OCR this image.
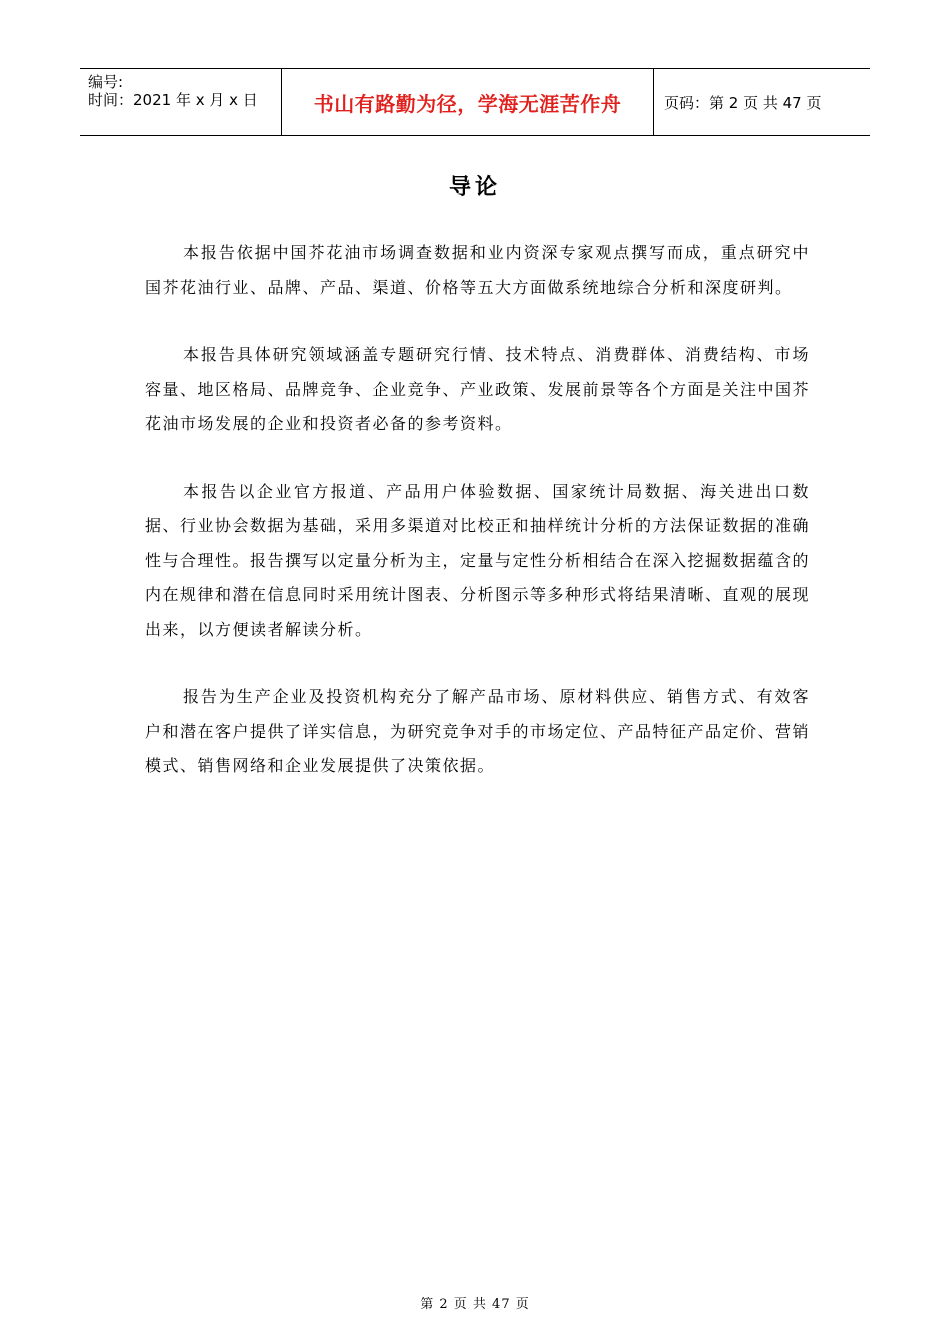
编号:
时间：2021 年 x 月 x 日	书山有路勤为径，学海无涯苦作舟	页码：第 2 页 共 47 页
导论

本报告依据中国芥花油市场调查数据和业内资深专家观点撰写而成，重点研究中国芥花油行业、品牌、产品、渠道、价格等五大方面做系统地综合分析和深度研判。

本报告具体研究领域涵盖专题研究行情、技术特点、消费群体、消费结构、市场容量、地区格局、品牌竞争、企业竞争、产业政策、发展前景等各个方面是关注中国芥花油市场发展的企业和投资者必备的参考资料。

本报告以企业官方报道、产品用户体验数据、国家统计局数据、海关进出口数据、行业协会数据为基础，采用多渠道对比校正和抽样统计分析的方法保证数据的准确性与合理性。报告撰写以定量分析为主，定量与定性分析相结合在深入挖掘数据蕴含的内在规律和潜在信息同时采用统计图表、分析图示等多种形式将结果清晰、直观的展现出来，以方便读者解读分析。

报告为生产企业及投资机构充分了解产品市场、原材料供应、销售方式、有效客户和潜在客户提供了详实信息，为研究竞争对手的市场定位、产品特征产品定价、营销模式、销售网络和企业发展提供了决策依据。

第 2 页 共 47 页
